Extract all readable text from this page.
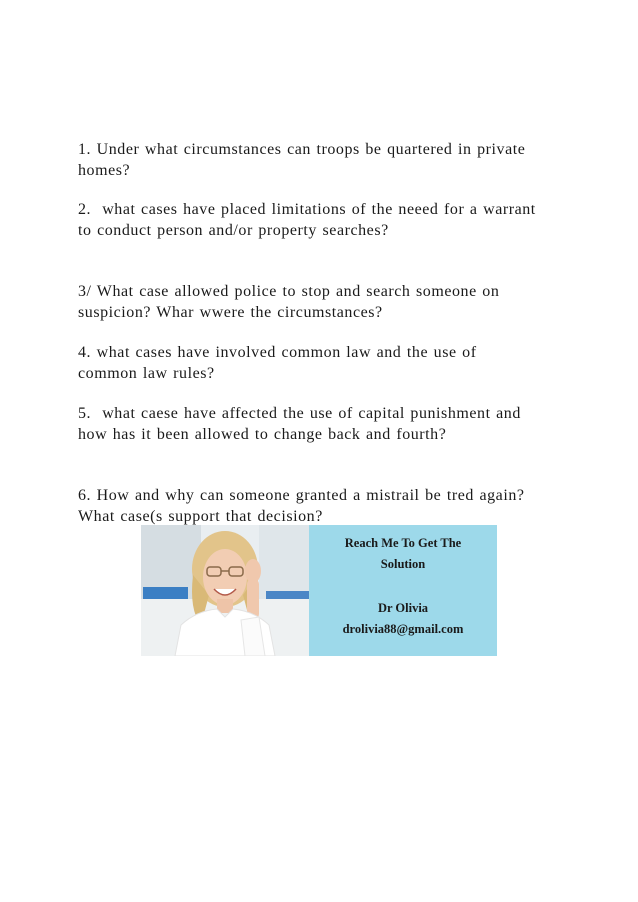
1. Under what circumstances can troops be quartered in private
homes?

2.  what cases have placed limitations of the neeed for a warrant
to conduct person and/or property searches?

3/ What case allowed police to stop and search someone on
suspicion? Whar wwere the circumstances?

4. what cases have involved common law and the use of
common law rules?

5.  what caese have affected the use of capital punishment and
how has it been allowed to change back and fourth?

6. How and why can someone granted a mistrail be tred again?
What case(s support that decision?

Reach Me To Get The
Solution
Dr Olivia
drolivia88@gmail.com
